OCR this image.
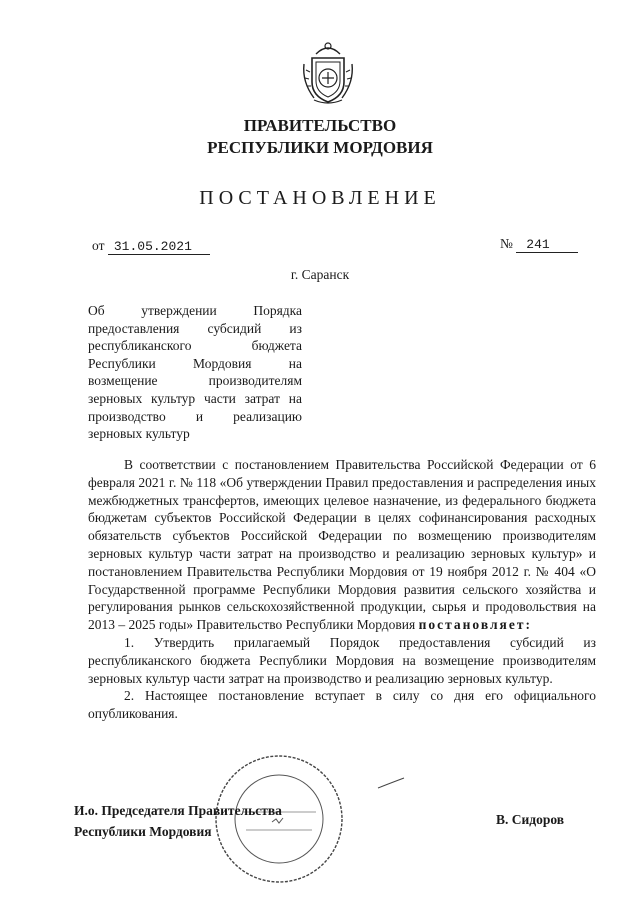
ПРАВИТЕЛЬСТВО
РЕСПУБЛИКИ МОРДОВИЯ
ПОСТАНОВЛЕНИЕ
от 31.05.2021	№ 241
г. Саранск
Об утверждении Порядка предоставления субсидий из республиканского бюджета Республики Мордовия на возмещение производителям зерновых культур части затрат на производство и реализацию зерновых культур

В соответствии с постановлением Правительства Российской Федерации от 6 февраля 2021 г. № 118 «Об утверждении Правил предоставления и распределения иных межбюджетных трансфертов, имеющих целевое назначение, из федерального бюджета бюджетам субъектов Российской Федерации в целях софинансирования расходных обязательств субъектов Российской Федерации по возмещению производителям зерновых культур части затрат на производство и реализацию зерновых культур» и постановлением Правительства Республики Мордовия от 19 ноября 2012 г. № 404 «О Государственной программе Республики Мордовия развития сельского хозяйства и регулирования рынков сельскохозяйственной продукции, сырья и продовольствия на 2013 – 2025 годы» Правительство Республики Мордовия постановляет:

1. Утвердить прилагаемый Порядок предоставления субсидий из республиканского бюджета Республики Мордовия на возмещение производителям зерновых культур части затрат на производство и реализацию зерновых культур.

2. Настоящее постановление вступает в силу со дня его официального опубликования.

И.о. Председателя Правительства
Республики Мордовия
В. Сидоров
